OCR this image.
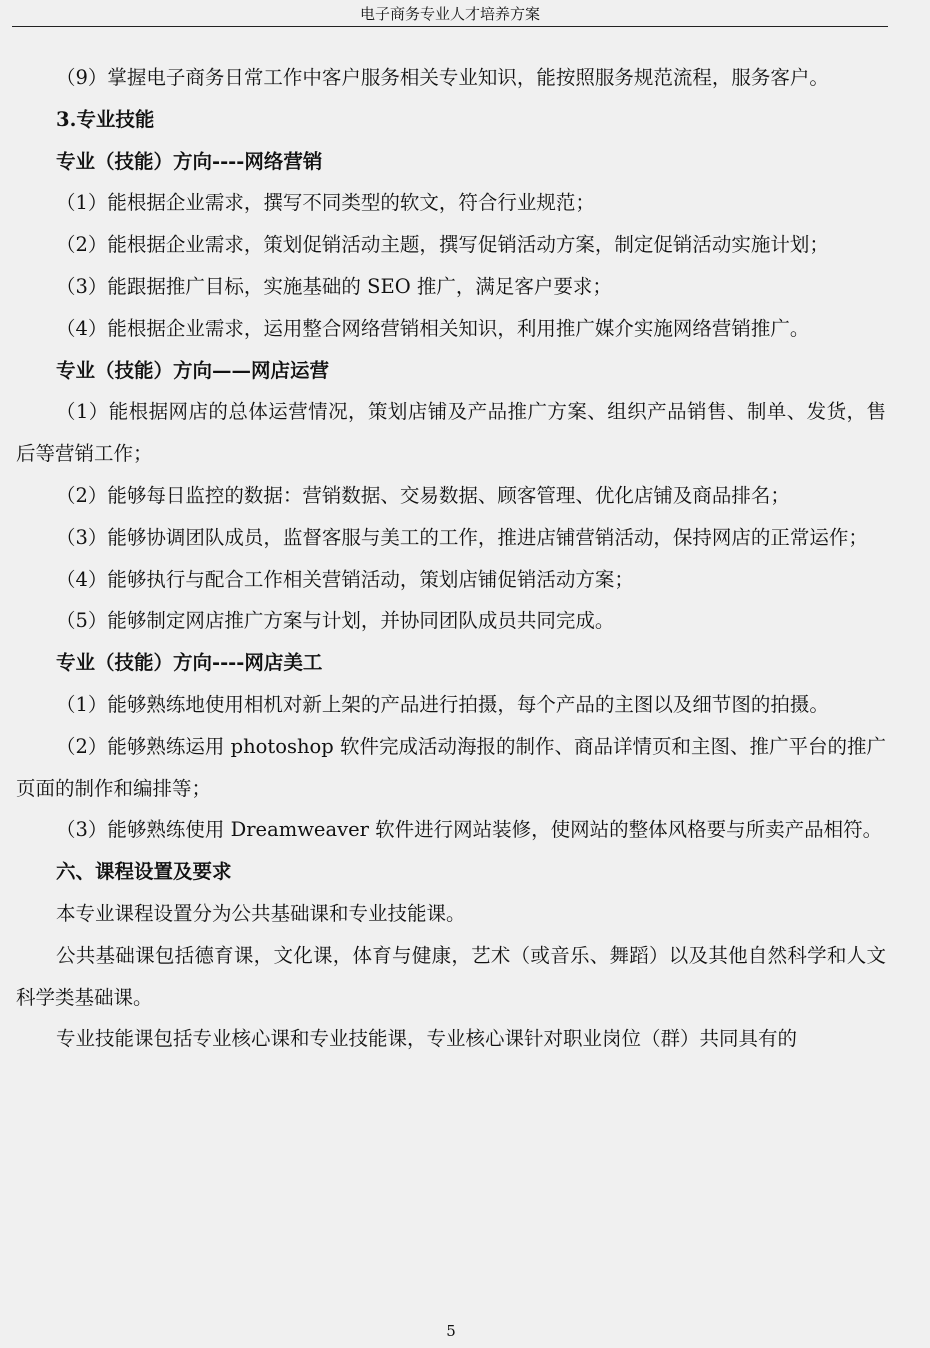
电子商务专业人才培养方案

（9）掌握电子商务日常工作中客户服务相关专业知识，能按照服务规范流程，服务客户。

3.专业技能

专业（技能）方向----网络营销

（1）能根据企业需求，撰写不同类型的软文，符合行业规范；

（2）能根据企业需求，策划促销活动主题，撰写促销活动方案，制定促销活动实施计划；

（3）能跟据推广目标，实施基础的 SEO 推广，满足客户要求；

（4）能根据企业需求，运用整合网络营销相关知识，利用推广媒介实施网络营销推广。

专业（技能）方向——网店运营

（1）能根据网店的总体运营情况，策划店铺及产品推广方案、组织产品销售、制单、发货，售后等营销工作；

（2）能够每日监控的数据：营销数据、交易数据、顾客管理、优化店铺及商品排名；

（3）能够协调团队成员，监督客服与美工的工作，推进店铺营销活动，保持网店的正常运作；

（4）能够执行与配合工作相关营销活动，策划店铺促销活动方案；

（5）能够制定网店推广方案与计划，并协同团队成员共同完成。

专业（技能）方向----网店美工

（1）能够熟练地使用相机对新上架的产品进行拍摄，每个产品的主图以及细节图的拍摄。

（2）能够熟练运用 photoshop 软件完成活动海报的制作、商品详情页和主图、推广平台的推广页面的制作和编排等；

（3）能够熟练使用 Dreamweaver 软件进行网站装修，使网站的整体风格要与所卖产品相符。

六、课程设置及要求

本专业课程设置分为公共基础课和专业技能课。

公共基础课包括德育课，文化课，体育与健康，艺术（或音乐、舞蹈）以及其他自然科学和人文科学类基础课。

专业技能课包括专业核心课和专业技能课，专业核心课针对职业岗位（群）共同具有的

5
